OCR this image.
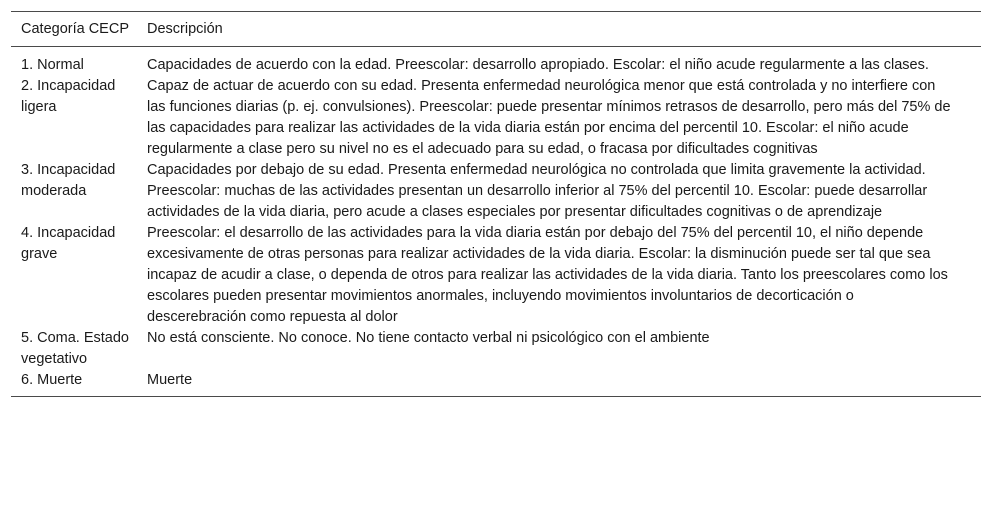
Categoría CECP	Descripción
1. Normal	Capacidades de acuerdo con la edad. Preescolar: desarrollo apropiado. Escolar: el niño acude regularmente a las clases.
2. Incapacidad ligera	Capaz de actuar de acuerdo con su edad. Presenta enfermedad neurológica menor que está controlada y no interfiere con las funciones diarias (p. ej. convulsiones). Preescolar: puede presentar mínimos retrasos de desarrollo, pero más del 75% de las capacidades para realizar las actividades de la vida diaria están por encima del percentil 10. Escolar: el niño acude regularmente a clase pero su nivel no es el adecuado para su edad, o fracasa por dificultades cognitivas
3. Incapacidad moderada	Capacidades por debajo de su edad. Presenta enfermedad neurológica no controlada que limita gravemente la actividad. Preescolar: muchas de las actividades presentan un desarrollo inferior al 75% del percentil 10. Escolar: puede desarrollar actividades de la vida diaria, pero acude a clases especiales por presentar dificultades cognitivas o de aprendizaje
4. Incapacidad grave	Preescolar: el desarrollo de las actividades para la vida diaria están por debajo del 75% del percentil 10, el niño depende excesivamente de otras personas para realizar actividades de la vida diaria. Escolar: la disminución puede ser tal que sea incapaz de acudir a clase, o dependa de otros para realizar las actividades de la vida diaria. Tanto los preescolares como los escolares pueden presentar movimientos anormales, incluyendo movimientos involuntarios de decorticación o descerebración como repuesta al dolor
5. Coma. Estado vegetativo	No está consciente. No conoce. No tiene contacto verbal ni psicológico con el ambiente
6. Muerte	Muerte
